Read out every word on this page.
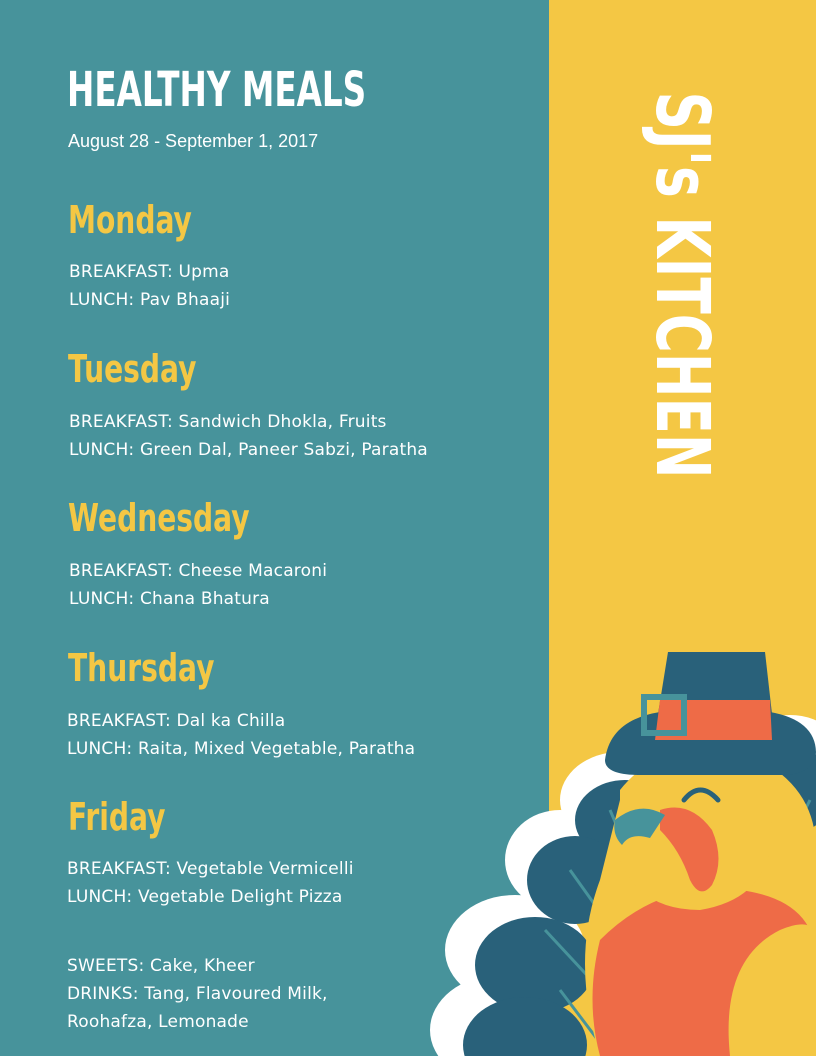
SJ's KITCHEN
HEALTHY MEALS
August 28 - September 1, 2017
Monday
BREAKFAST: Upma
LUNCH: Pav Bhaaji
Tuesday
BREAKFAST: Sandwich Dhokla, Fruits
LUNCH: Green Dal, Paneer Sabzi, Paratha
Wednesday
BREAKFAST: Cheese Macaroni
LUNCH: Chana Bhatura
Thursday
BREAKFAST: Dal ka Chilla
LUNCH: Raita, Mixed Vegetable, Paratha
Friday
BREAKFAST: Vegetable Vermicelli
LUNCH: Vegetable Delight Pizza
SWEETS: Cake, Kheer
DRINKS: Tang, Flavoured Milk,
Roohafza, Lemonade
